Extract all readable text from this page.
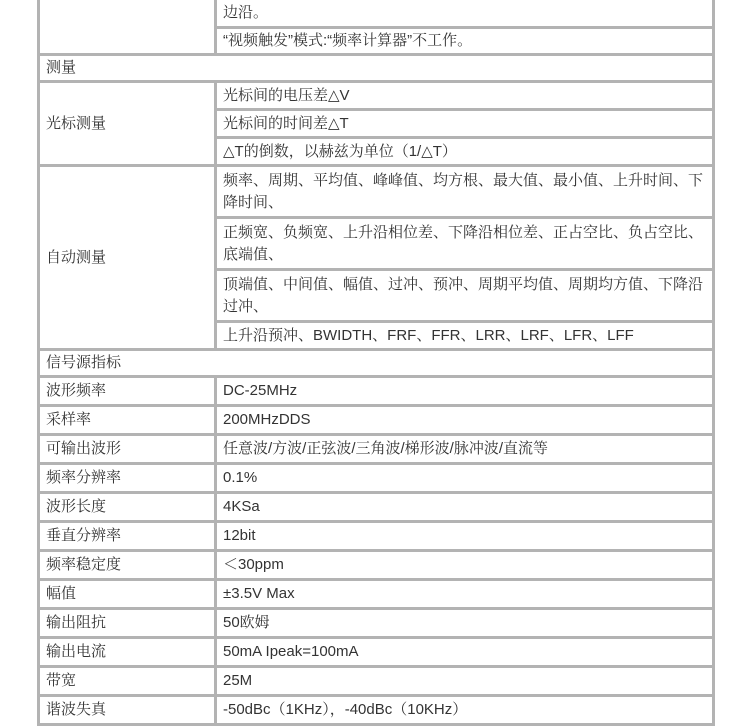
	边沿。
	“视频触发”模式:“频率计算器”不工作。
测量	
光标测量	光标间的电压差△V
	光标间的时间差△T
	△T的倒数，以赫兹为单位（1/△T）
自动测量	频率、周期、平均值、峰峰值、均方根、最大值、最小值、上升时间、下降时间、
	正频宽、负频宽、上升沿相位差、下降沿相位差、正占空比、负占空比、底端值、
	顶端值、中间值、幅值、过冲、预冲、周期平均值、周期均方值、下降沿过冲、
	上升沿预冲、BWIDTH、FRF、FFR、LRR、LRF、LFR、LFF
信号源指标	
波形频率	DC-25MHz
采样率	200MHzDDS
可输出波形	任意波/方波/正弦波/三角波/梯形波/脉冲波/直流等
频率分辨率	0.1%
波形长度	4KSa
垂直分辨率	12bit
频率稳定度	＜30ppm
幅值	±3.5V Max
输出阻抗	50欧姆
输出电流	50mA Ipeak=100mA
带宽	25M
谐波失真	-50dBc（1KHz），-40dBc（10KHz）
